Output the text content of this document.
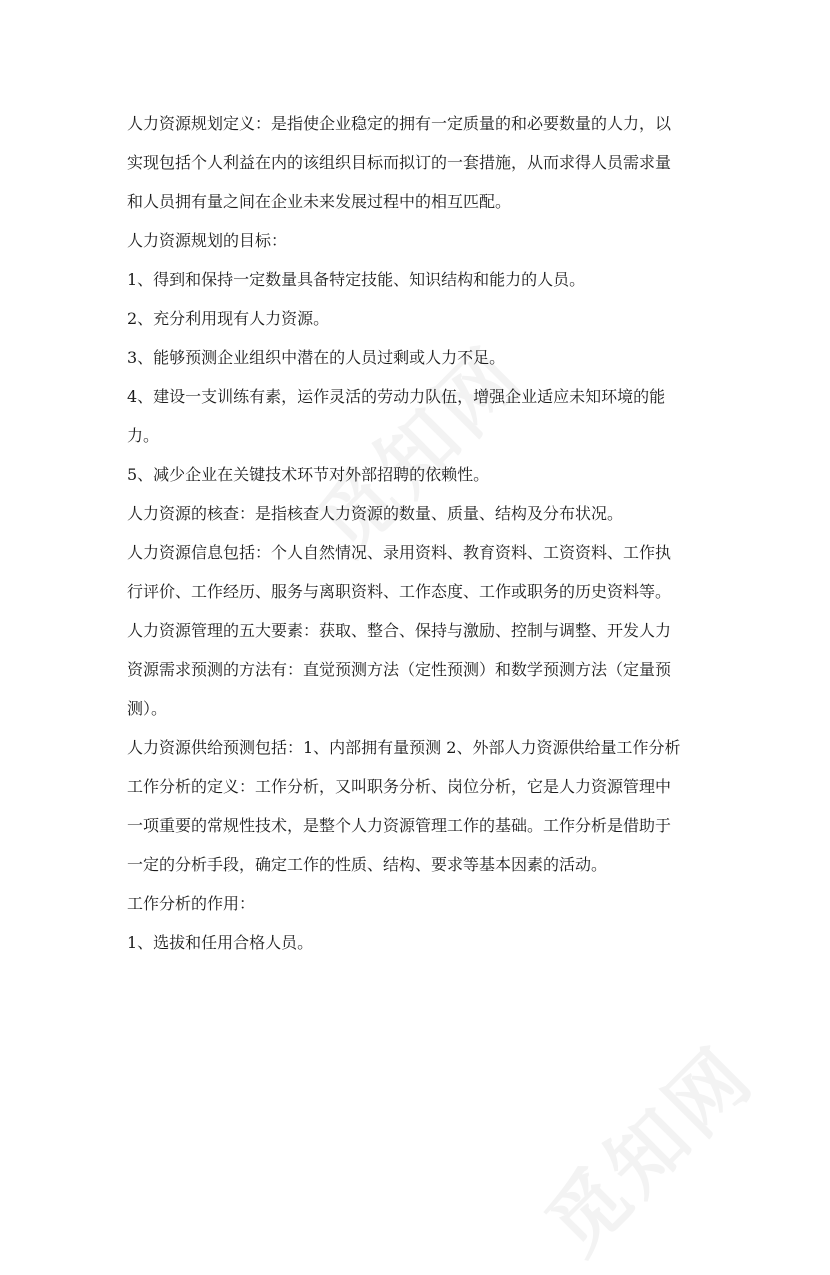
人力资源规划定义：是指使企业稳定的拥有一定质量的和必要数量的人力，以
实现包括个人利益在内的该组织目标而拟订的一套措施，从而求得人员需求量
和人员拥有量之间在企业未来发展过程中的相互匹配。
人力资源规划的目标：
1、得到和保持一定数量具备特定技能、知识结构和能力的人员。
2、充分利用现有人力资源。
3、能够预测企业组织中潜在的人员过剩或人力不足。
4、建设一支训练有素，运作灵活的劳动力队伍，增强企业适应未知环境的能
力。
5、减少企业在关键技术环节对外部招聘的依赖性。
人力资源的核查：是指核查人力资源的数量、质量、结构及分布状况。
人力资源信息包括：个人自然情况、录用资料、教育资料、工资资料、工作执
行评价、工作经历、服务与离职资料、工作态度、工作或职务的历史资料等。
人力资源管理的五大要素：获取、整合、保持与激励、控制与调整、开发人力
资源需求预测的方法有：直觉预测方法（定性预测）和数学预测方法（定量预
测）。
人力资源供给预测包括：1、内部拥有量预测 2、外部人力资源供给量工作分析
工作分析的定义：工作分析，又叫职务分析、岗位分析，它是人力资源管理中
一项重要的常规性技术，是整个人力资源管理工作的基础。工作分析是借助于
一定的分析手段，确定工作的性质、结构、要求等基本因素的活动。
工作分析的作用：
1、选拔和任用合格人员。
